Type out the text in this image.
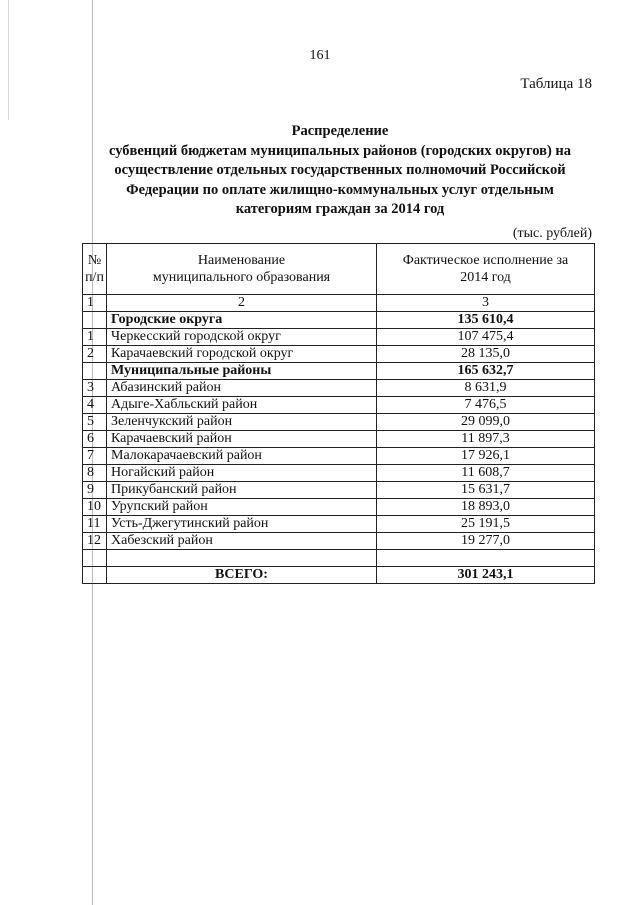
161
Таблица 18
Распределение
субвенций бюджетам муниципальных районов (городских округов) на
осуществление отдельных государственных полномочий Российской
Федерации по оплате жилищно-коммунальных услуг отдельным
категориям граждан за 2014 год
(тыс. рублей)
№
п/п	Наименование муниципального образования	Фактическое исполнение за 2014 год
1	2	3
	Городские округа	135 610,4
1	Черкесский городской округ	107 475,4
2	Карачаевский городской округ	28 135,0
	Муниципальные районы	165 632,7
3	Абазинский район	8 631,9
4	Адыге-Хабльский район	7 476,5
5	Зеленчукский район	29 099,0
6	Карачаевский район	11 897,3
7	Малокарачаевский район	17 926,1
8	Ногайский район	11 608,7
9	Прикубанский район	15 631,7
10	Урупский район	18 893,0
11	Усть-Джегутинский район	25 191,5
12	Хабезский район	19 277,0

	ВСЕГО:	301 243,1
